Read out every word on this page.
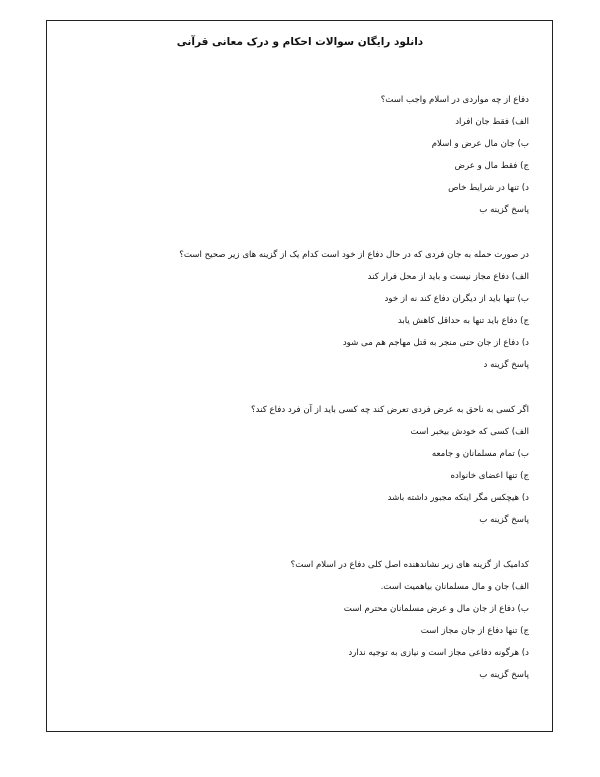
دانلود رایگان سوالات احکام و درک معانی قرآنی

دفاع از چه مواردی در اسلام واجب است؟

الف) فقط جان افراد

ب) جان مال عرض و اسلام

ج) فقط مال و عرض

د) تنها در شرایط خاص

پاسخ گزینه ب

در صورت حمله به جان فردی که در حال دفاع از خود است کدام یک از گزینه های زیر صحیح است؟

الف) دفاع مجاز نیست و باید از محل فرار کند

ب) تنها باید از دیگران دفاع کند نه از خود

ج) دفاع باید تنها به حداقل کاهش یابد

د) دفاع از جان حتی منجر به قتل مهاجم هم می شود

پاسخ گزینه د

اگر کسی به ناحق به عرض فردی تعرض کند چه کسی باید از آن فرد دفاع کند؟

الف) کسی که خودش بیخبر است

ب) تمام مسلمانان و جامعه

ج) تنها اعضای خانواده

د) هیچکس مگر اینکه مجبور داشته باشد

پاسخ گزینه ب

کدامیک از گزینه های زیر نشاندهنده اصل کلی دفاع در اسلام است؟

الف) جان و مال مسلمانان بیاهمیت است.

ب) دفاع از جان مال و عرض مسلمانان محترم است

ج) تنها دفاع از جان مجاز است

د) هرگونه دفاعی مجاز است و نیازی به توجیه ندارد

پاسخ گزینه ب
